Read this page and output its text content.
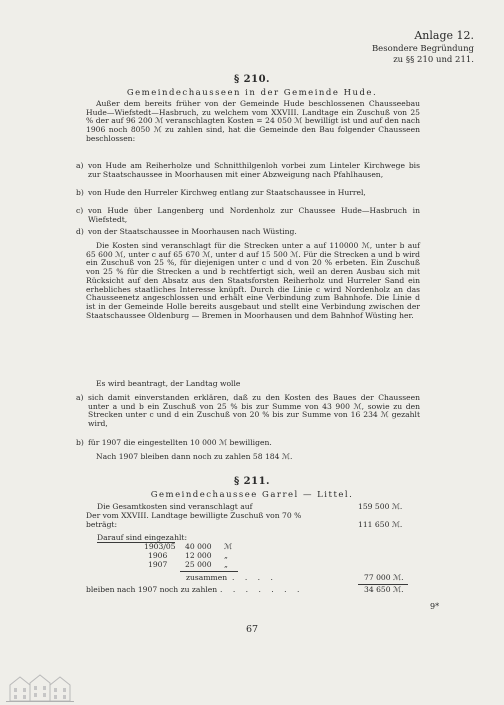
Anlage 12.
Besondere Begründung
zu §§ 210 und 211.
§ 210.
Gemeindechausseen in der Gemeinde Hude.
Außer dem bereits früher von der Gemeinde Hude beschlossenen Chausseebau Hude—Wiefstedt—Hasbruch, zu welchem vom XXVIII. Landtage ein Zuschuß von 25 % der auf 96 200 ℳ veranschlagten Kosten = 24 050 ℳ bewilligt ist und auf den nach 1906 noch 8050 ℳ zu zahlen sind, hat die Gemeinde den Bau folgender Chausseen beschlossen:
a) von Hude am Reiherholze und Schnitthilgenloh vorbei zum Linteler Kirchwege bis zur Staatschaussee in Moorhausen mit einer Abzweigung nach Pfahlhausen,
b) von Hude den Hurreler Kirchweg entlang zur Staatschaussee in Hurrel,
c) von Hude über Langenberg und Nordenholz zur Chaussee Hude—Hasbruch in Wiefstedt,
d) von der Staatschaussee in Moorhausen nach Wüsting.
Die Kosten sind veranschlagt für die Strecken unter a auf 110000 ℳ, unter b auf 65 600 ℳ, unter c auf 65 670 ℳ, unter d auf 15 500 ℳ. Für die Strecken a und b wird ein Zuschuß von 25 %, für diejenigen unter c und d von 20 % erbeten. Ein Zuschuß von 25 % für die Strecken a und b rechtfertigt sich, weil an deren Ausbau sich mit Rücksicht auf den Absatz aus den Staatsforsten Reiherholz und Hurreler Sand ein erhebliches staatliches Interesse knüpft. Durch die Linie c wird Nordenholz an das Chausseenetz angeschlossen und erhält eine Verbindung zum Bahnhofe. Die Linie d ist in der Gemeinde Holle bereits ausgebaut und stellt eine Verbindung zwischen der Staatschaussee Oldenburg — Bremen in Moorhausen und dem Bahnhof Wüsting her.
Es wird beantragt, der Landtag wolle
a) sich damit einverstanden erklären, daß zu den Kosten des Baues der Chausseen unter a und b ein Zuschuß von 25 % bis zur Summe von 43 900 ℳ, sowie zu den Strecken unter c und d ein Zuschuß von 20 % bis zur Summe von 16 234 ℳ gezahlt wird,
b) für 1907 die eingestellten 10 000 ℳ bewilligen.
Nach 1907 bleiben dann noch zu zahlen 58 184 ℳ.
§ 211.
Gemeindechaussee Garrel — Littel.
Die Gesamtkosten sind veranschlagt auf	159 500 ℳ.
Der vom XXVIII. Landtage bewilligte Zuschuß von 70 %
beträgt:	111 650 ℳ.
Darauf sind eingezahlt:
1903/05 40 000 ℳ
1906 12 000 „
1907 25 000 „
zusammen . . . .	77 000 ℳ.
bleiben nach 1907 noch zu zahlen . . . . . . .	34 650 ℳ.
9*
67
